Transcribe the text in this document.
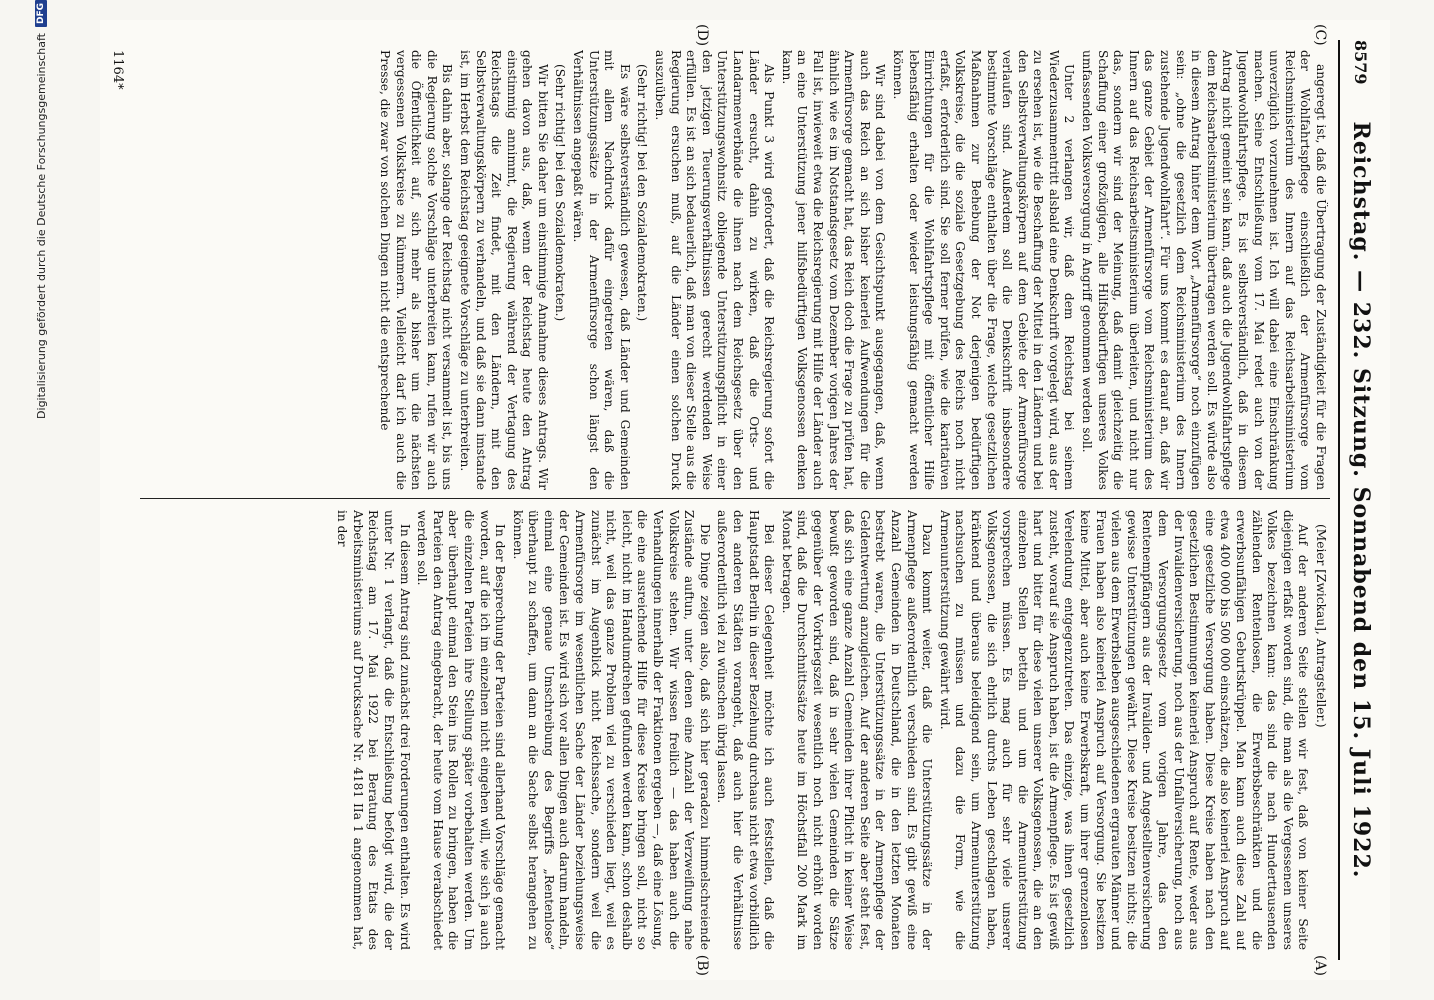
8579
Reichstag. — 232. Sitzung. Sonnabend den 15. Juli 1922.
(C)
(D)

angeregt ist, daß die Übertragung der Zuständigkeit für die Fragen der Wohlfahrtspflege einschließlich der Armenfürsorge vom Reichsministerium des Innern auf das Reichsarbeitsministerium unverzüglich vorzunehmen ist. Ich will dabei eine Einschränkung machen. Seine Entschließung vom 17. Mai redet auch von der Jugendwohlfahrtspflege. Es ist selbstverständlich, daß in diesem Antrag nicht gemeint sein kann, daß auch die Jugendwohlfahrtspflege dem Reichsarbeitsministerium übertragen werden soll. Es würde also in diesem Antrag hinter dem Wort „Armenfürsorge“ noch einzufügen sein: „ohne die gesetzlich dem Reichsministerium des Innern zustehende Jugendwohlfahrt“. Für uns kommt es darauf an, daß wir das ganze Gebiet der Armenfürsorge vom Reichsministerium des Innern auf das Reichsarbeitsministerium überleiten, und nicht nur das, sondern wir sind der Meinung, daß damit gleichzeitig die Schaffung einer großzügigen, alle Hilfsbedürftigen unseres Volkes umfassenden Volksversorgung in Angriff genommen werden soll.

Unter 2 verlangen wir, daß dem Reichstag bei seinem Wiederzusammentritt alsbald eine Denkschrift vorgelegt wird, aus der zu ersehen ist, wie die Beschaffung der Mittel in den Ländern und bei den Selbstverwaltungskörpern auf dem Gebiete der Armenfürsorge verlaufen sind. Außerdem soll die Denkschrift insbesondere bestimmte Vorschläge enthalten über die Frage, welche gesetzlichen Maßnahmen zur Behebung der Not derjenigen bedürftigen Volkskreise, die die soziale Gesetzgebung des Reichs noch nicht erfaßt, erforderlich sind. Sie soll ferner prüfen, wie die karitativen Einrichtungen für die Wohlfahrtspflege mit öffentlicher Hilfe lebensfähig erhalten oder wieder leistungsfähig gemacht werden können.

Wir sind dabei von dem Gesichtspunkt ausgegangen, daß, wenn auch das Reich an sich bisher keinerlei Aufwendungen für die Armenfürsorge gemacht hat, das Reich doch die Frage zu prüfen hat, ähnlich wie es im Notstandsgesetz vom Dezember vorigen Jahres der Fall ist, inwieweit etwa die Reichsregierung mit Hilfe der Länder auch an eine Unterstützung jener hilfsbedürftigen Volksgenossen denken kann.

Als Punkt 3 wird gefordert, daß die Reichsregierung sofort die Länder ersucht, dahin zu wirken, daß die Orts- und Landarmenverbände die ihnen nach dem Reichsgesetz über den Unterstützungswohnsitz obliegende Unterstützungspflicht in einer den jetzigen Teuerungsverhältnissen gerecht werdenden Weise erfüllen. Es ist an sich bedauerlich, daß man von dieser Stelle aus die Regierung ersuchen muß, auf die Länder einen solchen Druck auszuüben.

(Sehr richtig! bei den Sozialdemokraten.)

Es wäre selbstverständlich gewesen, daß Länder und Gemeinden mit allem Nachdruck dafür eingetreten wären, daß die Unterstützungssätze in der Armenfürsorge schon längst den Verhältnissen angepaßt wären.

(Sehr richtig! bei den Sozialdemokraten.)

Wir bitten Sie daher um einstimmige Annahme dieses Antrags. Wir gehen davon aus, daß, wenn der Reichstag heute den Antrag einstimmig annimmt, die Regierung während der Vertagung des Reichstags die Zeit findet, mit den Ländern, mit den Selbstverwaltungskörpern zu verhandeln, und daß sie dann imstande ist, im Herbst dem Reichstag geeignete Vorschläge zu unterbreiten.

Bis dahin aber, solange der Reichstag nicht versammelt ist, bis uns die Regierung solche Vorschläge unterbreiten kann, rufen wir auch die Öffentlichkeit auf, sich mehr als bisher um die nächsten vergessenen Volkskreise zu kümmern. Vielleicht darf ich auch die Presse, die zwar von solchen Dingen nicht die entsprechende

(Meier [Zwickau], Antragsteller.)

Auf der anderen Seite stellen wir fest, daß von keiner Seite diejenigen erfaßt worden sind, die man als die Vergessenen unseres Volkes bezeichnen kann: das sind die nach Hunderttausenden zählenden Rentenlosen, die Erwerbsbeschränkten und die erwerbsunfähigen Geburtskrüppel. Man kann auch diese Zahl auf etwa 400 000 bis 500 000 einschätzen, die also keinerlei Anspruch auf eine gesetzliche Versorgung haben. Diese Kreise haben nach den gesetzlichen Bestimmungen keinerlei Anspruch auf Rente, weder aus der Invalidenversicherung, noch aus der Unfallversicherung, noch aus dem Versorgungsgesetz vom vorigen Jahre, das den Rentenempfängern aus der Invaliden- und Angestelltenversicherung gewisse Unterstützungen gewährt. Diese Kreise besitzen nichts; die vielen aus dem Erwerbsleben ausgeschiedenen ergrauten Männer und Frauen haben also keinerlei Anspruch auf Versorgung. Sie besitzen keine Mittel, aber auch keine Erwerbskraft, um ihrer grenzenlosen Verelendung entgegenzutreten. Das einzige, was ihnen gesetzlich zusteht, worauf sie Anspruch haben, ist die Armenpflege. Es ist gewiß hart und bitter für diese vielen unserer Volksgenossen, die an den einzelnen Stellen betteln und um die Armenunterstützung vorsprechen müssen. Es mag auch für sehr viele unserer Volksgenossen, die sich ehrlich durchs Leben geschlagen haben, kränkend und überaus beleidigend sein, um Armenunterstützung nachsuchen zu müssen und dazu die Form, wie die Armenunterstützung gewährt wird.

Dazu kommt weiter, daß die Unterstützungssätze in der Armenpflege außerordentlich verschieden sind. Es gibt gewiß eine Anzahl Gemeinden in Deutschland, die in den letzten Monaten bestrebt waren, die Unterstützungssätze in der Armenpflege der Geldentwertung anzugleichen. Auf der anderen Seite aber steht fest, daß sich eine ganze Anzahl Gemeinden ihrer Pflicht in keiner Weise bewußt geworden sind, daß in sehr vielen Gemeinden die Sätze gegenüber der Vorkriegszeit wesentlich noch nicht erhöht worden sind, daß die Durchschnittssätze heute im Höchstfall 200 Mark im Monat betragen.

Bei dieser Gelegenheit möchte ich auch feststellen, daß die Hauptstadt Berlin in dieser Beziehung durchaus nicht etwa vorbildlich den anderen Städten vorangeht, daß auch hier die Verhältnisse außerordentlich viel zu wünschen übrig lassen.

Die Dinge zeigen also, daß sich hier geradezu himmelschreiende Zustände auftun, unter denen eine Anzahl der Verzweiflung nahe Volkskreise stehen. Wir wissen freilich — das haben auch die Verhandlungen innerhalb der Fraktionen ergeben —, daß eine Lösung, die eine ausreichende Hilfe für diese Kreise bringen soll, nicht so leicht, nicht im Handumdrehen gefunden werden kann, schon deshalb nicht, weil das ganze Problem viel zu verschieden liegt, weil es zunächst im Augenblick nicht Reichssache, sondern weil die Armenfürsorge im wesentlichen Sache der Länder beziehungsweise der Gemeinden ist. Es wird sich vor allen Dingen auch darum handeln, einmal eine genaue Umschreibung des Begriffs „Rentenlose“ überhaupt zu schaffen, um dann an die Sache selbst herangehen zu können.

In der Besprechung der Parteien sind allerhand Vorschläge gemacht worden, auf die ich im einzelnen nicht eingehen will, wie sich ja auch die einzelnen Parteien ihre Stellung später vorbehalten werden. Um aber überhaupt einmal den Stein ins Rollen zu bringen, haben die Parteien den Antrag eingebracht, der heute vom Hause verabschiedet werden soll.

In diesem Antrag sind zunächst drei Forderungen enthalten. Es wird unter Nr. 1 verlangt, daß die Entschließung befolgt wird, die der Reichstag am 17. Mai 1922 bei Beratung des Etats des Arbeitsministeriums auf Drucksache Nr. 4181 IIa 1 angenommen hat, in der

(A)
(B)
1164*
Digitalisierung gefördert durch die Deutsche Forschungsgemeinschaft
DFG
